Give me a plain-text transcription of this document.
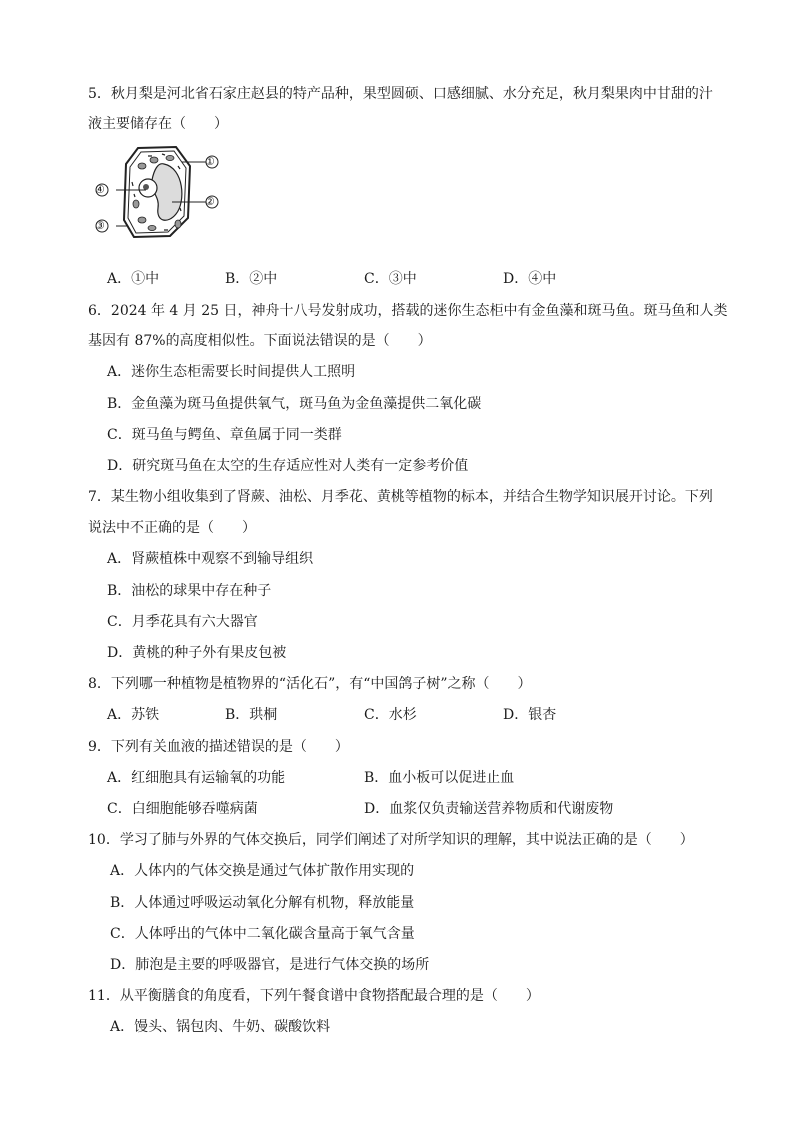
5．秋月梨是河北省石家庄赵县的特产品种，果型圆硕、口感细腻、水分充足，秋月梨果肉中甘甜的汁
液主要储存在（　　）
①
②
③
④
A．①中	B．②中	C．③中	D．④中
6．2024 年 4 月 25 日，神舟十八号发射成功，搭载的迷你生态柜中有金鱼藻和斑马鱼。斑马鱼和人类
基因有 87%的高度相似性。下面说法错误的是（　　）
A．迷你生态柜需要长时间提供人工照明
B．金鱼藻为斑马鱼提供氧气，斑马鱼为金鱼藻提供二氧化碳
C．斑马鱼与鳄鱼、章鱼属于同一类群
D．研究斑马鱼在太空的生存适应性对人类有一定参考价值
7．某生物小组收集到了肾蕨、油松、月季花、黄桃等植物的标本，并结合生物学知识展开讨论。下列
说法中不正确的是（　　）
A．肾蕨植株中观察不到输导组织
B．油松的球果中存在种子
C．月季花具有六大器官
D．黄桃的种子外有果皮包被
8．下列哪一种植物是植物界的“活化石”，有“中国鸽子树”之称（　　）
A．苏铁	B．珙桐	C．水杉	D．银杏
9．下列有关血液的描述错误的是（　　）
A．红细胞具有运输氧的功能	B．血小板可以促进止血
C．白细胞能够吞噬病菌	D．血浆仅负责输送营养物质和代谢废物
10．学习了肺与外界的气体交换后，同学们阐述了对所学知识的理解，其中说法正确的是（　　）
A．人体内的气体交换是通过气体扩散作用实现的
B．人体通过呼吸运动氧化分解有机物，释放能量
C．人体呼出的气体中二氧化碳含量高于氧气含量
D．肺泡是主要的呼吸器官，是进行气体交换的场所
11．从平衡膳食的角度看，下列午餐食谱中食物搭配最合理的是（　　）
A．馒头、锅包肉、牛奶、碳酸饮料
